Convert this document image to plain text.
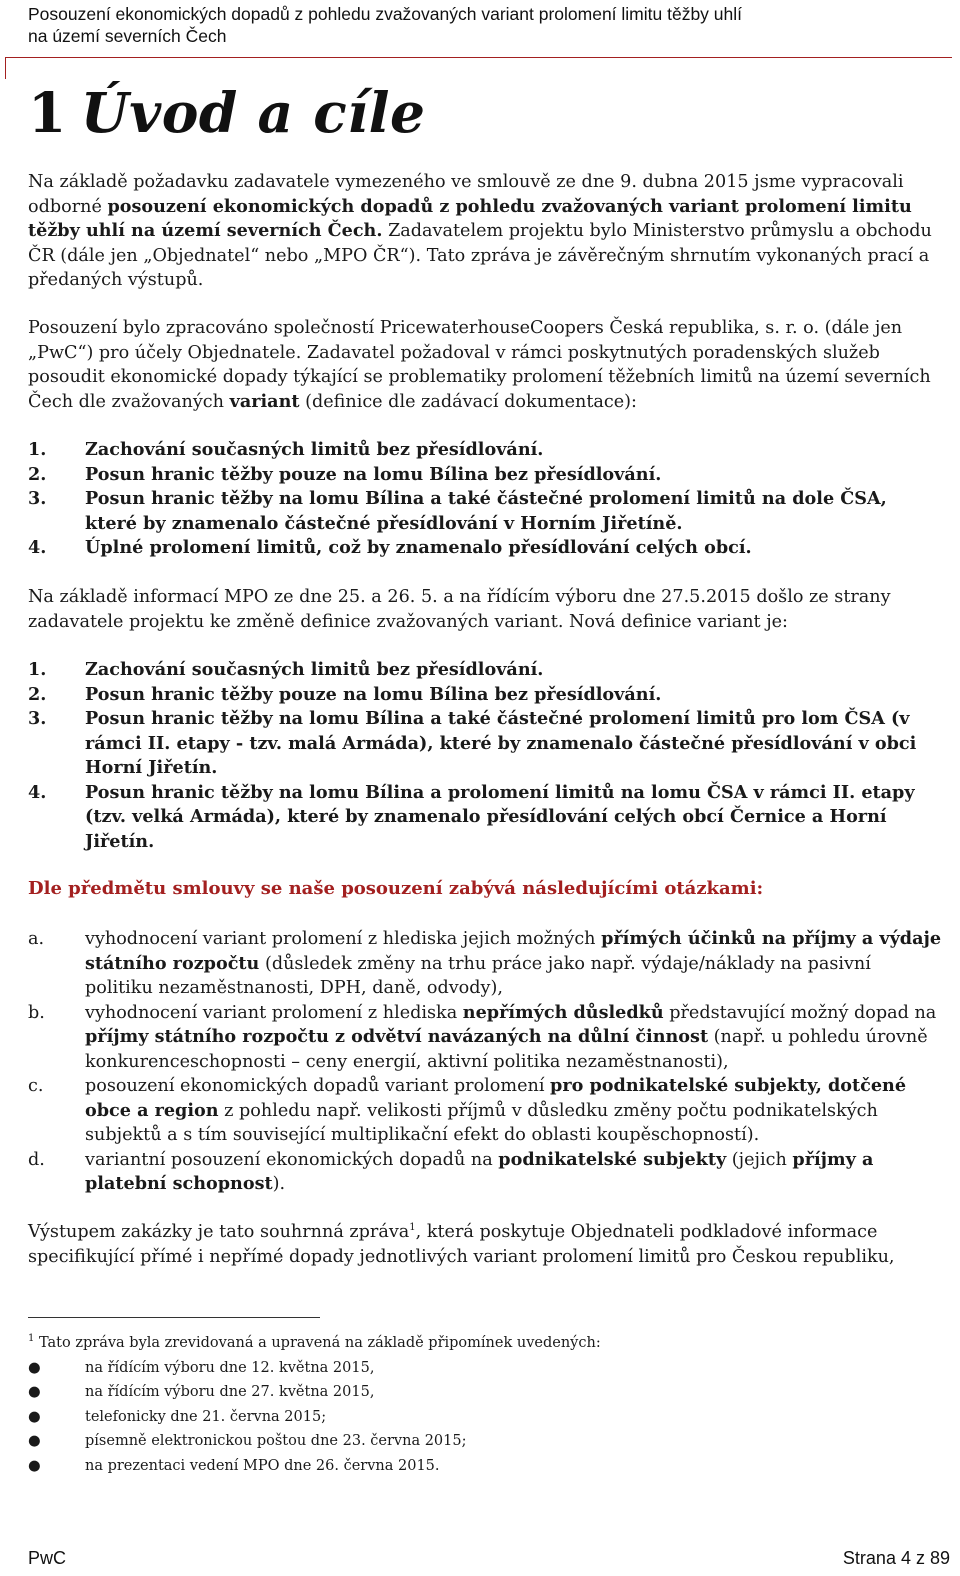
Posouzení ekonomických dopadů z pohledu zvažovaných variant prolomení limitu těžby uhlí
na území severních Čech
1 Úvod a cíle

Na základě požadavku zadavatele vymezeného ve smlouvě ze dne 9. dubna 2015 jsme vypracovali odborné posouzení ekonomických dopadů z pohledu zvažovaných variant prolomení limitu těžby uhlí na území severních Čech. Zadavatelem projektu bylo Ministerstvo průmyslu a obchodu ČR (dále jen „Objednatel“ nebo „MPO ČR“). Tato zpráva je závěrečným shrnutím vykonaných prací a předaných výstupů.

Posouzení bylo zpracováno společností PricewaterhouseCoopers Česká republika, s. r. o. (dále jen „PwC“) pro účely Objednatele. Zadavatel požadoval v rámci poskytnutých poradenských služeb posoudit ekonomické dopady týkající se problematiky prolomení těžebních limitů na území severních Čech dle zvažovaných variant (definice dle zadávací dokumentace):

1.	Zachování současných limitů bez přesídlování.
2.	Posun hranic těžby pouze na lomu Bílina bez přesídlování.
3.	Posun hranic těžby na lomu Bílina a také částečné prolomení limitů na dole ČSA, které by znamenalo částečné přesídlování v Horním Jiřetíně.
4.	Úplné prolomení limitů, což by znamenalo přesídlování celých obcí.

Na základě informací MPO ze dne 25. a 26. 5. a na řídícím výboru dne 27.5.2015 došlo ze strany zadavatele projektu ke změně definice zvažovaných variant. Nová definice variant je:

1.	Zachování současných limitů bez přesídlování.
2.	Posun hranic těžby pouze na lomu Bílina bez přesídlování.
3.	Posun hranic těžby na lomu Bílina a také částečné prolomení limitů pro lom ČSA (v rámci II. etapy - tzv. malá Armáda), které by znamenalo částečné přesídlování v obci Horní Jiřetín.
4.	Posun hranic těžby na lomu Bílina a prolomení limitů na lomu ČSA v rámci II. etapy (tzv. velká Armáda), které by znamenalo přesídlování celých obcí Černice a Horní Jiřetín.
Dle předmětu smlouvy se naše posouzení zabývá následujícími otázkami:
a.	vyhodnocení variant prolomení z hlediska jejich možných přímých účinků na příjmy a výdaje státního rozpočtu (důsledek změny na trhu práce jako např. výdaje/náklady na pasivní politiku nezaměstnanosti, DPH, daně, odvody),
b.	vyhodnocení variant prolomení z hlediska nepřímých důsledků představující možný dopad na příjmy státního rozpočtu z odvětví navázaných na důlní činnost (např. u pohledu úrovně konkurenceschopnosti – ceny energií, aktivní politika nezaměstnanosti),
c.	posouzení ekonomických dopadů variant prolomení pro podnikatelské subjekty, dotčené obce a region z pohledu např. velikosti příjmů v důsledku změny počtu podnikatelských subjektů a s tím související multiplikační efekt do oblasti koupěschopností).
d.	variantní posouzení ekonomických dopadů na podnikatelské subjekty (jejich příjmy a platební schopnost).

Výstupem zakázky je tato souhrnná zpráva$^1$, která poskytuje Objednateli podkladové informace specifikující přímé i nepřímé dopady jednotlivých variant prolomení limitů pro Českou republiku,

$^1$ Tato zpráva byla zrevidovaná a upravená na základě připomínek uvedených:

●	na řídícím výboru dne 12. května 2015,
●	na řídícím výboru dne 27. května 2015,
●	telefonicky dne 21. června 2015;
●	písemně elektronickou poštou dne 23. června 2015;
●	na prezentaci vedení MPO dne 26. června 2015.
PwC	Strana 4 z 89
